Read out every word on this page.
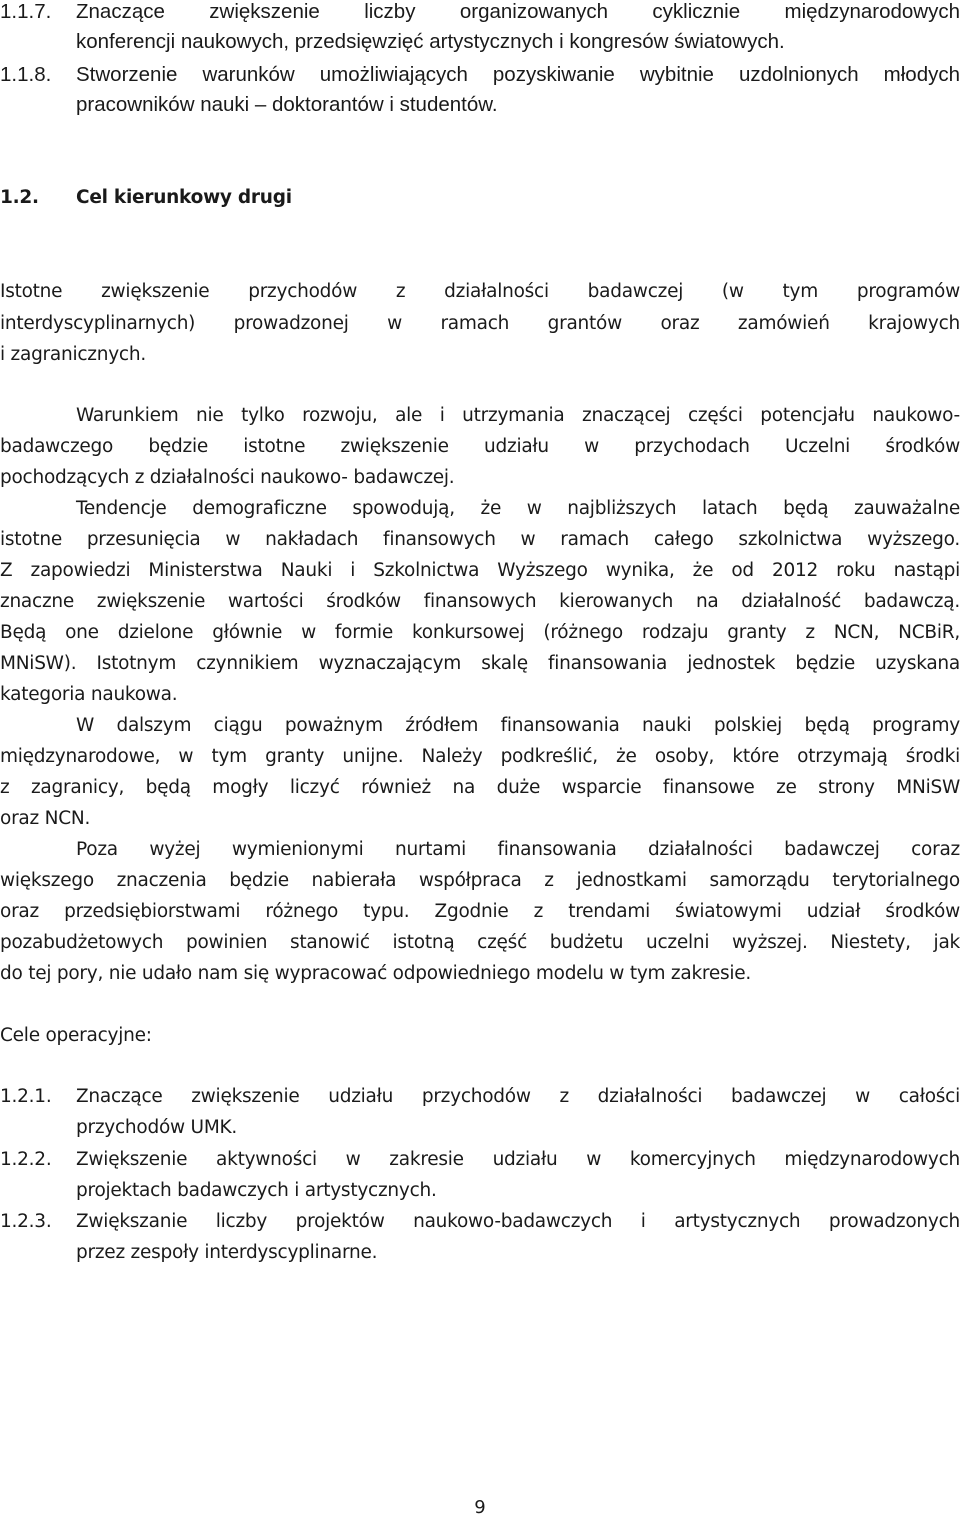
1.1.7. Znaczące zwiększenie liczby organizowanych cyklicznie międzynarodowych
konferencji naukowych, przedsięwzięć artystycznych i kongresów światowych.
1.1.8. Stworzenie warunków umożliwiających pozyskiwanie wybitnie uzdolnionych młodych
pracowników nauki – doktorantów i studentów.
1.2. Cel kierunkowy drugi
Istotne zwiększenie przychodów z działalności badawczej (w tym programów
interdyscyplinarnych) prowadzonej w ramach grantów oraz zamówień krajowych
i zagranicznych.
Warunkiem nie tylko rozwoju, ale i utrzymania znaczącej części potencjału naukowo-
badawczego będzie istotne zwiększenie udziału w przychodach Uczelni środków
pochodzących z działalności naukowo- badawczej.
Tendencje demograficzne spowodują, że w najbliższych latach będą zauważalne
istotne przesunięcia w nakładach finansowych w ramach całego szkolnictwa wyższego.
Z zapowiedzi Ministerstwa Nauki i Szkolnictwa Wyższego wynika, że od 2012 roku nastąpi
znaczne zwiększenie wartości środków finansowych kierowanych na działalność badawczą.
Będą one dzielone głównie w formie konkursowej (różnego rodzaju granty z NCN, NCBiR,
MNiSW). Istotnym czynnikiem wyznaczającym skalę finansowania jednostek będzie uzyskana
kategoria naukowa.
W dalszym ciągu poważnym źródłem finansowania nauki polskiej będą programy
międzynarodowe, w tym granty unijne. Należy podkreślić, że osoby, które otrzymają środki
z zagranicy, będą mogły liczyć również na duże wsparcie finansowe ze strony MNiSW
oraz NCN.
Poza wyżej wymienionymi nurtami finansowania działalności badawczej coraz
większego znaczenia będzie nabierała współpraca z jednostkami samorządu terytorialnego
oraz przedsiębiorstwami różnego typu. Zgodnie z trendami światowymi udział środków
pozabudżetowych powinien stanowić istotną część budżetu uczelni wyższej. Niestety, jak
do tej pory, nie udało nam się wypracować odpowiedniego modelu w tym zakresie.
Cele operacyjne:
1.2.1. Znaczące zwiększenie udziału przychodów z działalności badawczej w całości
przychodów UMK.
1.2.2. Zwiększenie aktywności w zakresie udziału w komercyjnych międzynarodowych
projektach badawczych i artystycznych.
1.2.3. Zwiększanie liczby projektów naukowo-badawczych i artystycznych prowadzonych
przez zespoły interdyscyplinarne.
9
